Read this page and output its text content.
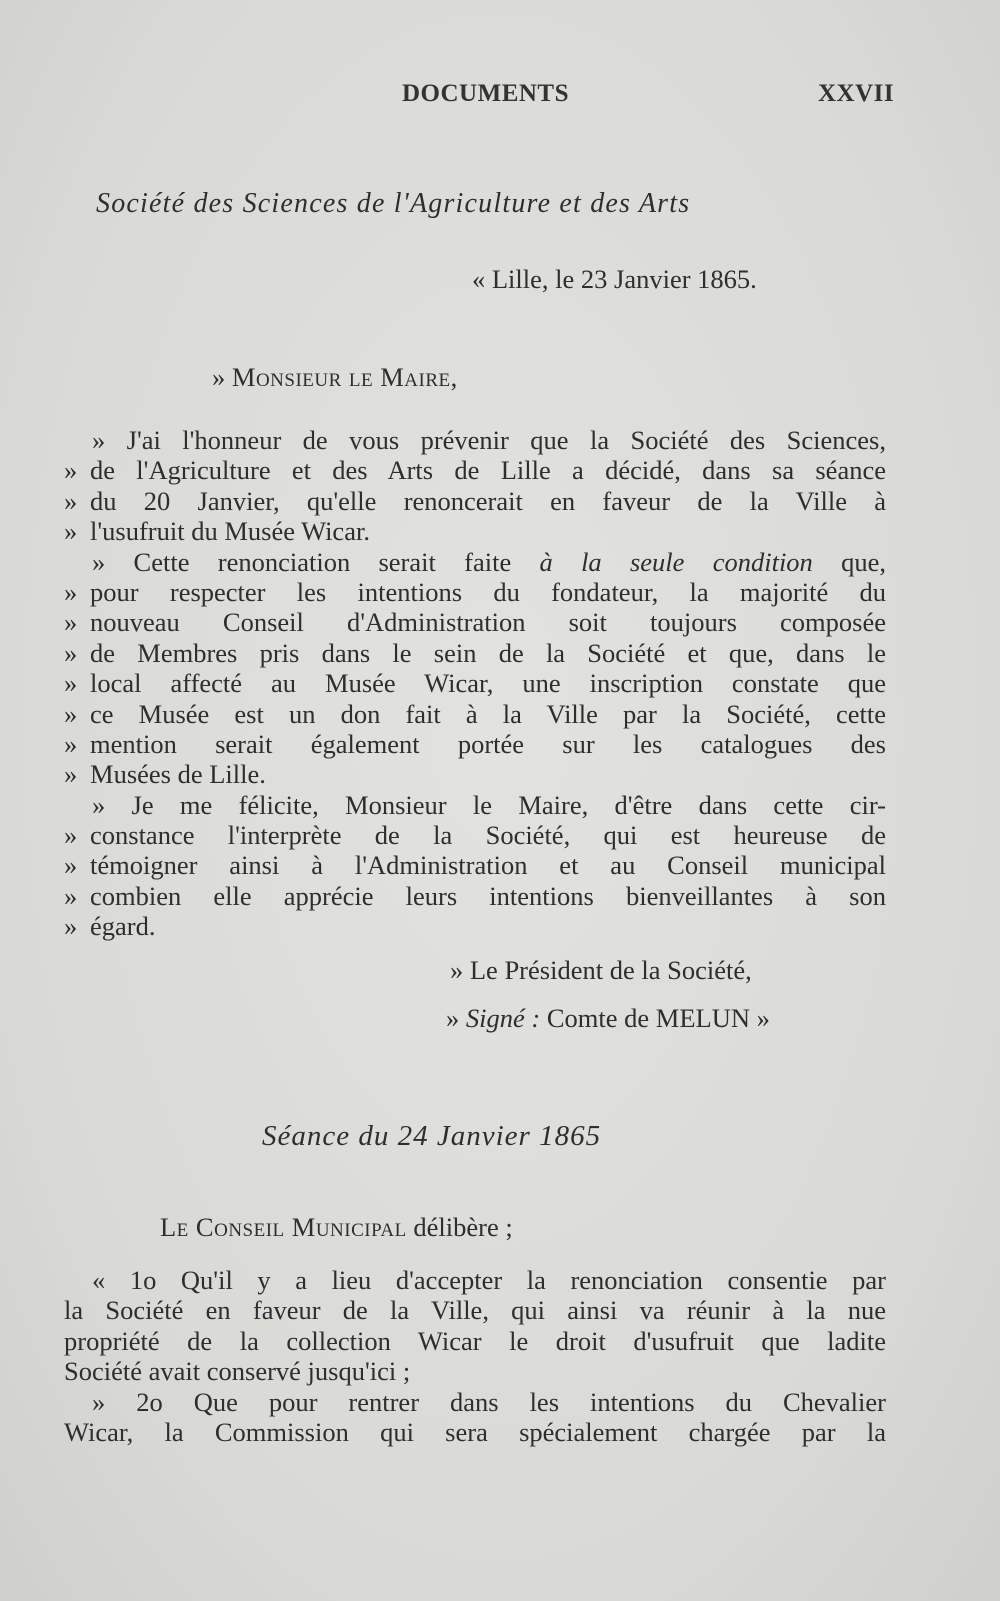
DOCUMENTS	XXVII
Société des Sciences de l'Agriculture et des Arts
« Lille, le 23 Janvier 1865.
» Monsieur le Maire,
» J'ai l'honneur de vous prévenir que la Société des Sciences,
» de l'Agriculture et des Arts de Lille a décidé, dans sa séance
» du 20 Janvier, qu'elle renoncerait en faveur de la Ville à
» l'usufruit du Musée Wicar.
» Cette renonciation serait faite à la seule condition que,
» pour respecter les intentions du fondateur, la majorité du
» nouveau Conseil d'Administration soit toujours composée
» de Membres pris dans le sein de la Société et que, dans le
» local affecté au Musée Wicar, une inscription constate que
» ce Musée est un don fait à la Ville par la Société, cette
» mention serait également portée sur les catalogues des
» Musées de Lille.
» Je me félicite, Monsieur le Maire, d'être dans cette cir-
» constance l'interprète de la Société, qui est heureuse de
» témoigner ainsi à l'Administration et au Conseil municipal
» combien elle apprécie leurs intentions bienveillantes à son
» égard.
» Le Président de la Société,
» Signé : Comte de MELUN »
Séance du 24 Janvier 1865
Le Conseil Municipal délibère ;
« 1o Qu'il y a lieu d'accepter la renonciation consentie par
la Société en faveur de la Ville, qui ainsi va réunir à la nue
propriété de la collection Wicar le droit d'usufruit que ladite
Société avait conservé jusqu'ici ;
» 2o Que pour rentrer dans les intentions du Chevalier
Wicar, la Commission qui sera spécialement chargée par la
